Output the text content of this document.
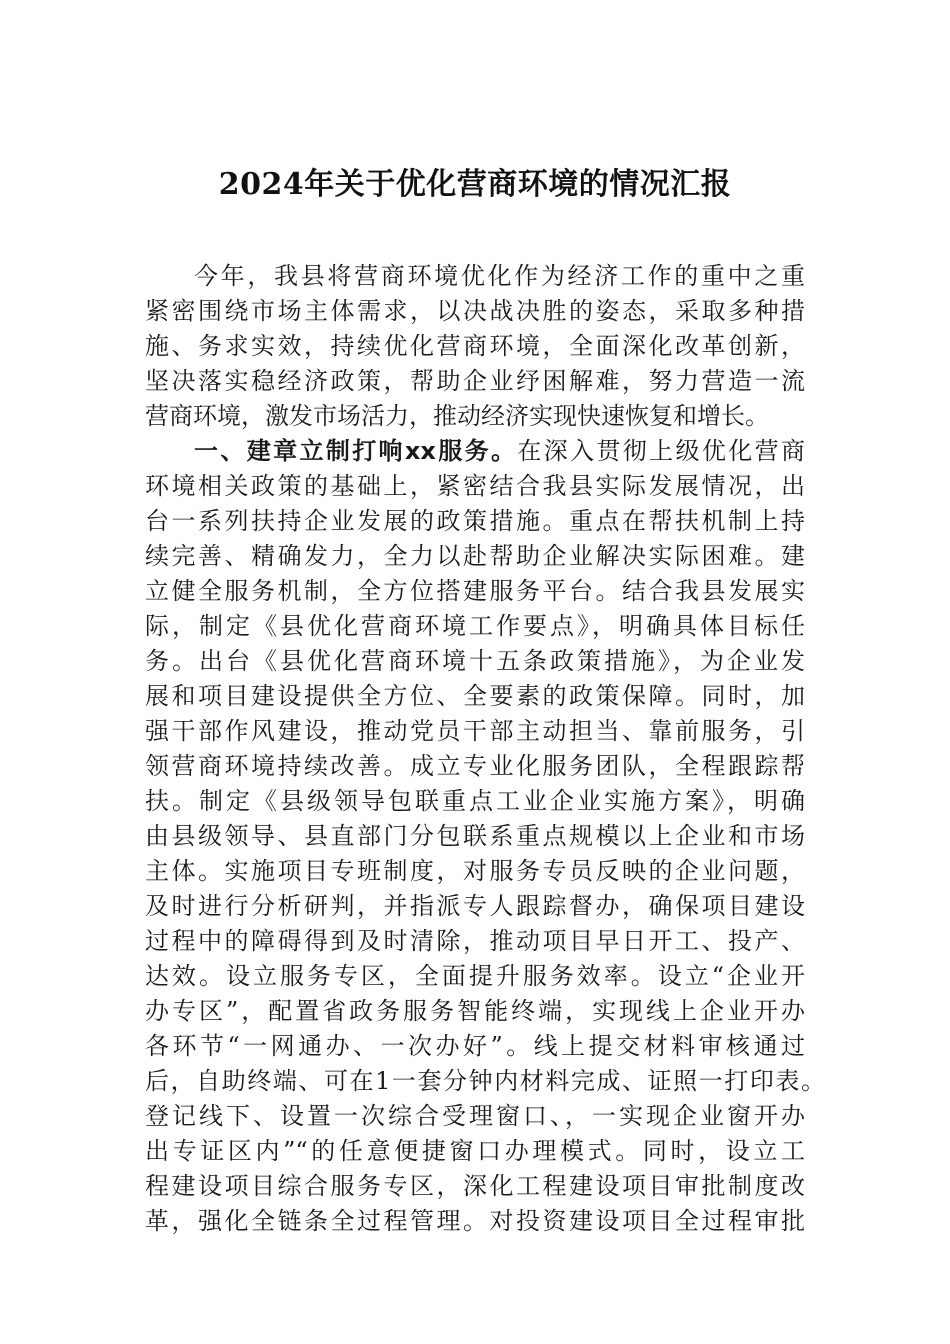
2024年关于优化营商环境的情况汇报
今年，我县将营商环境优化作为经济工作的重中之重
紧密围绕市场主体需求，以决战决胜的姿态，采取多种措
施、务求实效，持续优化营商环境，全面深化改革创新，
坚决落实稳经济政策，帮助企业纾困解难，努力营造一流
营商环境，激发市场活力，推动经济实现快速恢复和增长。
一、建章立制打响xx服务。在深入贯彻上级优化营商
环境相关政策的基础上，紧密结合我县实际发展情况，出
台一系列扶持企业发展的政策措施。重点在帮扶机制上持
续完善、精确发力，全力以赴帮助企业解决实际困难。建
立健全服务机制，全方位搭建服务平台。结合我县发展实
际，制定《县优化营商环境工作要点》，明确具体目标任
务。出台《县优化营商环境十五条政策措施》，为企业发
展和项目建设提供全方位、全要素的政策保障。同时，加
强干部作风建设，推动党员干部主动担当、靠前服务，引
领营商环境持续改善。成立专业化服务团队，全程跟踪帮
扶。制定《县级领导包联重点工业企业实施方案》，明确
由县级领导、县直部门分包联系重点规模以上企业和市场
主体。实施项目专班制度，对服务专员反映的企业问题，
及时进行分析研判，并指派专人跟踪督办，确保项目建设
过程中的障碍得到及时清除，推动项目早日开工、投产、
达效。设立服务专区，全面提升服务效率。设立“企业开
办专区”，配置省政务服务智能终端，实现线上企业开办
各环节“一网通办、一次办好”。线上提交材料审核通过
后，自助终端、可在1一套分钟内材料完成、证照一打印表。
登记线下、设置一次综合受理窗口、，一实现企业窗开办
出专证区内”“的任意便捷窗口办理模式。同时，设立工
程建设项目综合服务专区，深化工程建设项目审批制度改
革，强化全链条全过程管理。对投资建设项目全过程审批
